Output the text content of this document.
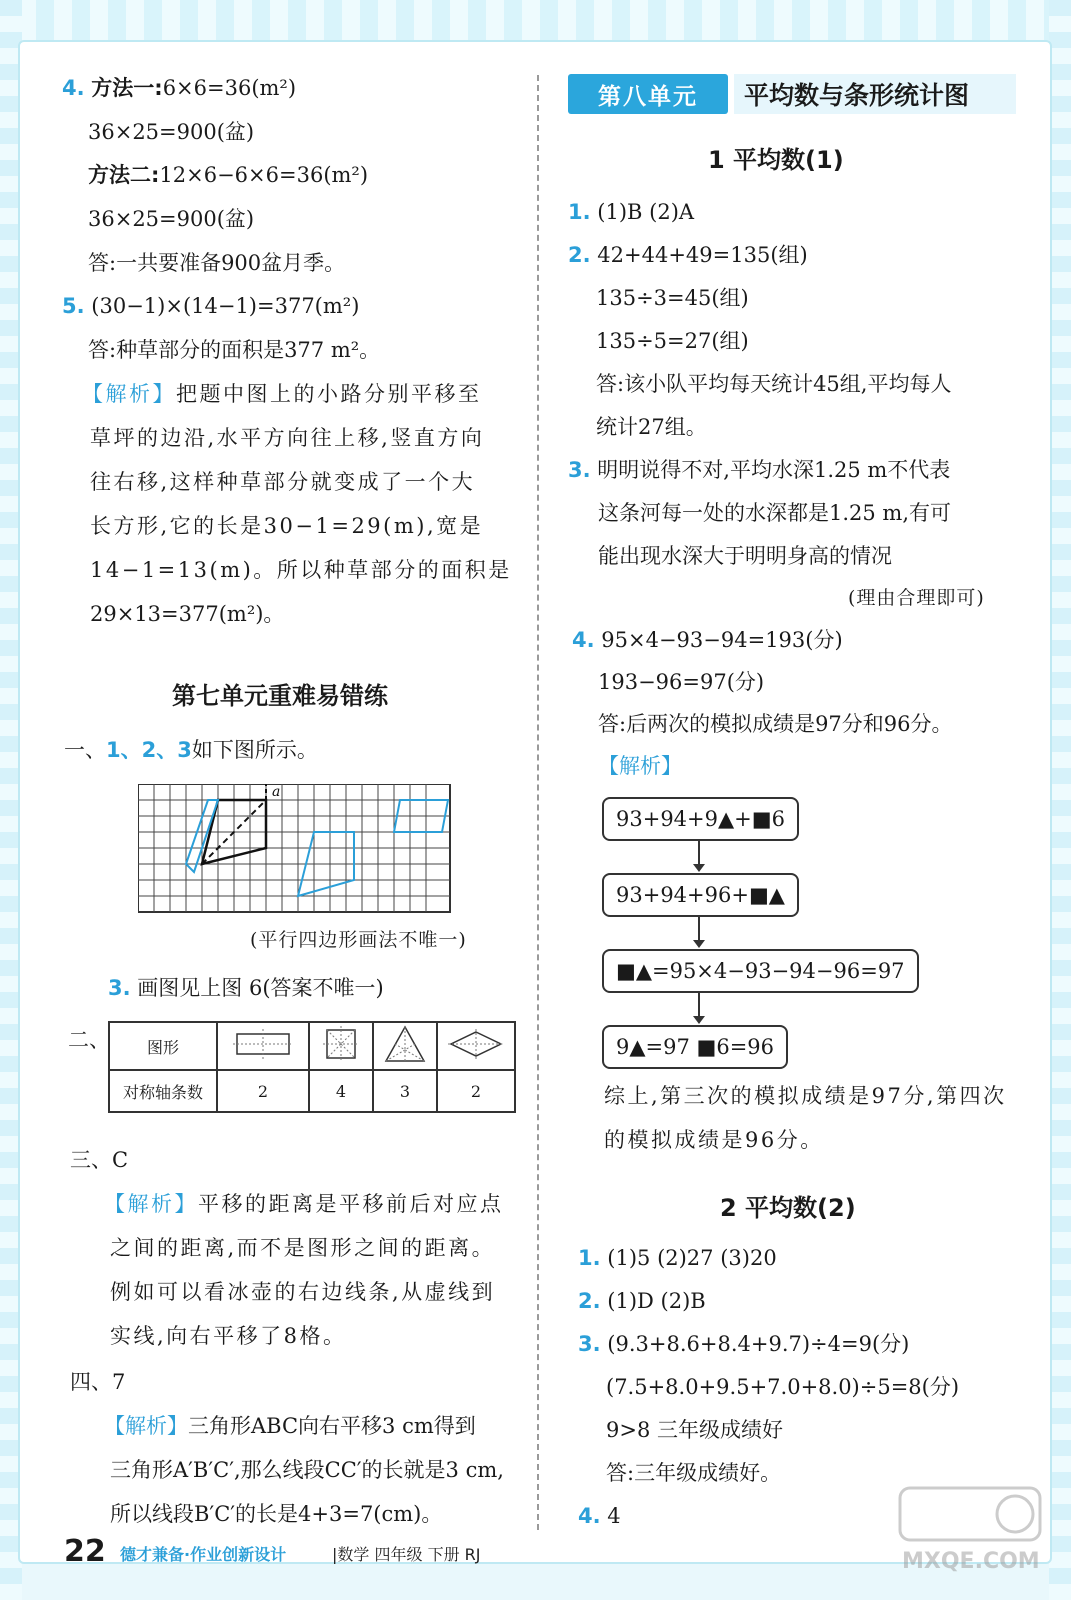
4. 方法一:6×6=36(m²)
36×25=900(盆)
方法二:12×6−6×6=36(m²)
36×25=900(盆)
答:一共要准备900盆月季。
5. (30−1)×(14−1)=377(m²)
答:种草部分的面积是377 m²。
【解析】把题中图上的小路分别平移至
草坪的边沿,水平方向往上移,竖直方向
往右移,这样种草部分就变成了一个大
长方形,它的长是30−1=29(m),宽是
14−1=13(m)。所以种草部分的面积是
29×13=377(m²)。
第七单元重难易错练
一、1、2、3如下图所示。
a
(平行四边形画法不唯一)
3. 画图见上图 6(答案不唯一)
二、 图形				
对称轴条数	2	4	3	2
三、C
【解析】平移的距离是平移前后对应点
之间的距离,而不是图形之间的距离。
例如可以看冰壶的右边线条,从虚线到
实线,向右平移了8格。
四、7
【解析】三角形ABC向右平移3 cm得到
三角形A′B′C′,那么线段CC′的长就是3 cm,
所以线段B′C′的长是4+3=7(cm)。
第八单元	平均数与条形统计图
1 平均数(1)
1. (1)B (2)A
2. 42+44+49=135(组)
135÷3=45(组)
135÷5=27(组)
答:该小队平均每天统计45组,平均每人
统计27组。
3. 明明说得不对,平均水深1.25 m不代表
这条河每一处的水深都是1.25 m,有可
能出现水深大于明明身高的情况
(理由合理即可)
4. 95×4−93−94=193(分)
193−96=97(分)
答:后两次的模拟成绩是97分和96分。
【解析】
93+94+9▲+■6
93+94+96+■▲
■▲=95×4−93−94−96=97
9▲=97 ■6=96
综上,第三次的模拟成绩是97分,第四次
的模拟成绩是96分。
2 平均数(2)
1. (1)5 (2)27 (3)20
2. (1)D (2)B
3. (9.3+8.6+8.4+9.7)÷4=9(分)
(7.5+8.0+9.5+7.0+8.0)÷5=8(分)
9>8 三年级成绩好
答:三年级成绩好。
4. 4
22 德才兼备·作业创新设计	|数学 四年级 下册 RJ	MXQE.COM
